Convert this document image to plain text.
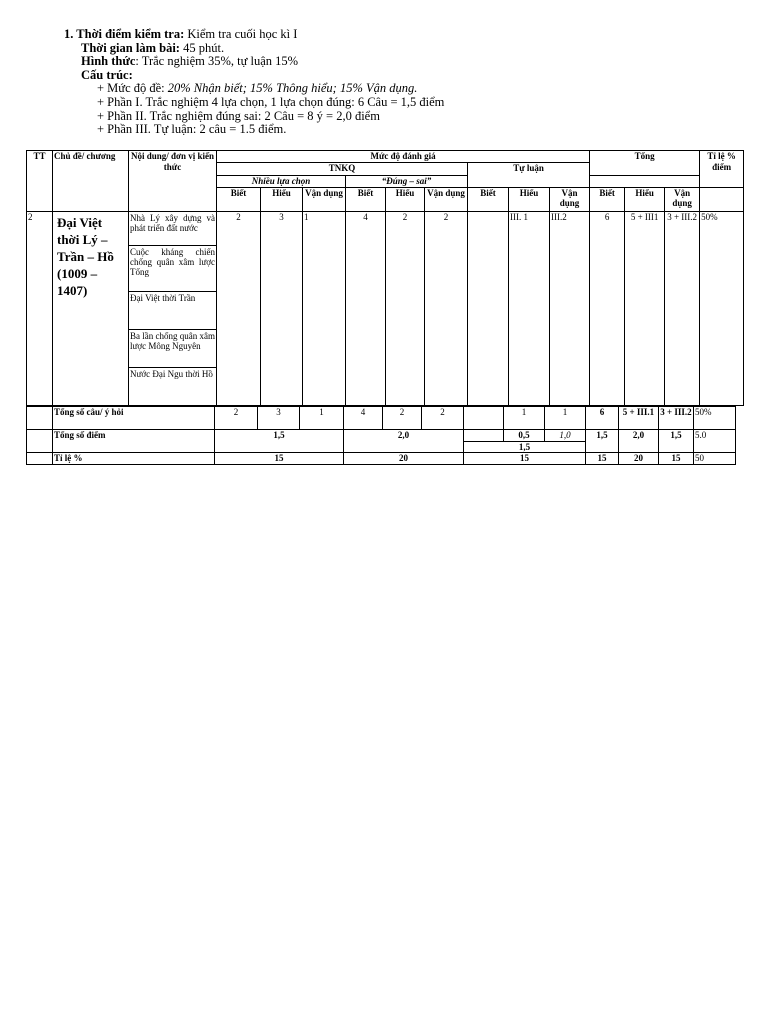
1. Thời điểm kiểm tra: Kiểm tra cuối học kì I
Thời gian làm bài: 45 phút.
Hình thức: Trắc nghiệm 35%, tự luận 15%
Cấu trúc:
+ Mức độ đề: 20% Nhận biết; 15% Thông hiểu; 15% Vận dụng.
+ Phần I. Trắc nghiệm 4 lựa chọn, 1 lựa chọn đúng: 6 Câu = 1,5 điểm
+ Phần II. Trắc nghiệm đúng sai: 2 Câu = 8 ý = 2,0 điểm
+ Phần III. Tự luận: 2 câu = 1.5 điểm.
TT	Chủ đề/ chương	Nội dung/ đơn vị kiến thức	Mức độ đánh giá									Tổng			Tỉ lệ % điểm
			TNKQ						Tự luận						
			Nhiều lựa chọn			“Đúng – sai”									
			Biết	Hiểu	Vận dụng	Biết	Hiểu	Vận dụng	Biết	Hiểu	Vận dụng	Biết	Hiểu	Vận dụng	
2	Đại Việt thời Lý – Trần – Hồ (1009 – 1407)	Nhà Lý xây dựng và phát triển đất nước	2	3	1	4	2	2		III. 1	III.2	6	5 + III1	3 + III.2	50%
		Cuộc kháng chiến chống quân xâm lược Tống													
		Đại Việt thời Trần													
		Ba lần chống quân xâm lược Mông Nguyên													
		Nước Đại Ngu thời Hồ													
	Tổng số câu/ ý hỏi	2	3	1	4	2	2		1	1	6	5 + III.1	3 + III.2	50%
	Tổng số điểm	1,5			2,0				0,5	1,0	1,5	2,0	1,5	5.0
								1,5						
	Tỉ lệ %	15			20			15			15	20	15	50
